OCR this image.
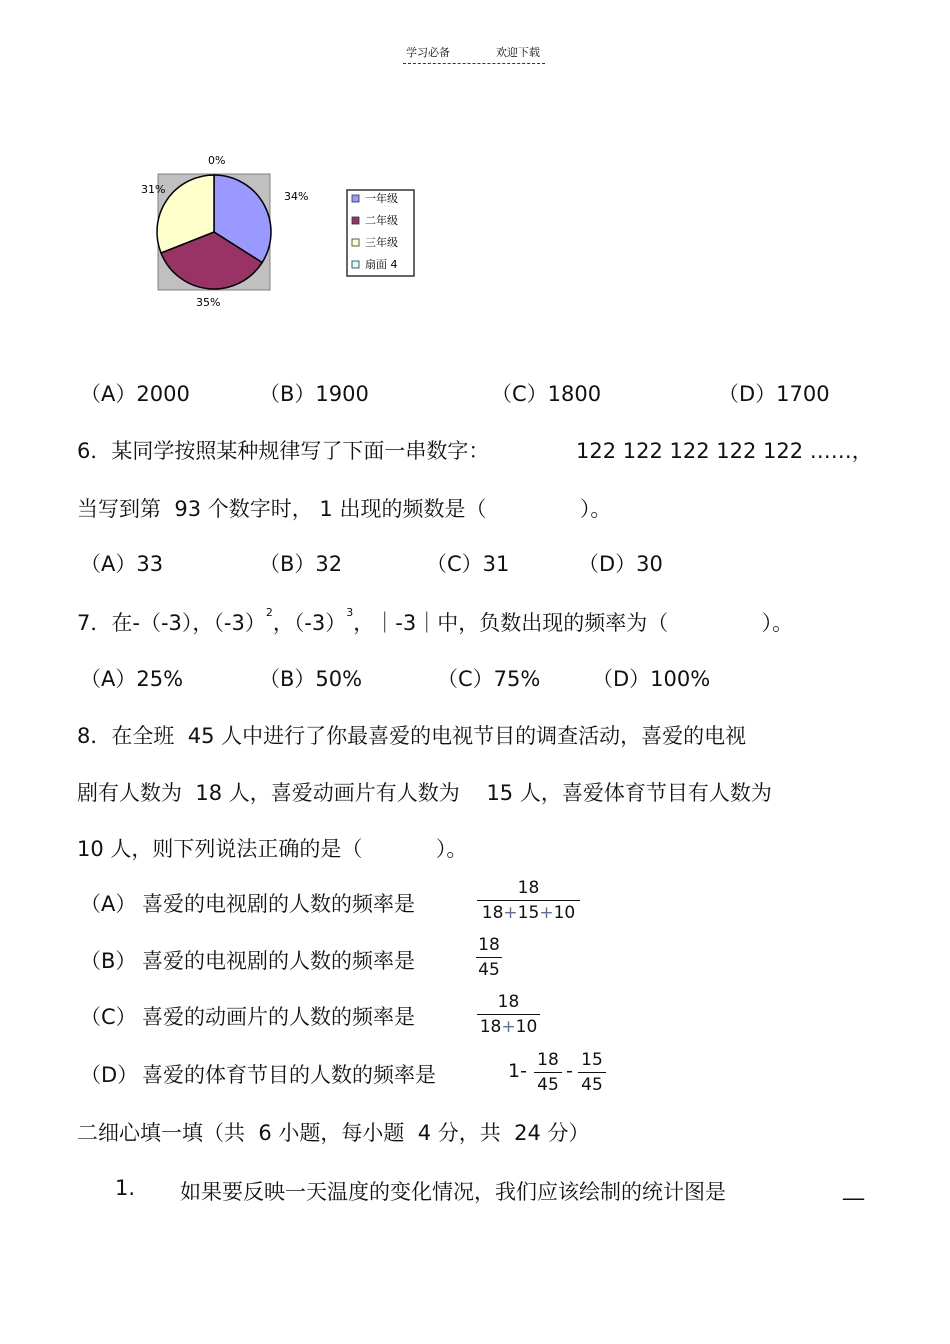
学习必备	欢迎下载
34%
35%
31%
0%
一年级
二年级
三年级
扇面 4
（A）2000	（B）1900	（C）1800	（D）1700
6．某同学按照某种规律写了下面一串数字：	122 122 122 122 122 ……，
当写到第  93 个数字时， 1 出现的频数是（              ）。
（A）33	（B）32	（C）31	（D）30
7．在-（-3），$(-3)^2$，$(-3)^3$，｜-3｜中，负数出现的频率为（              ）。
（A）25%	（B）50%	（C）75% （D）100%
8．在全班  45 人中进行了你最喜爱的电视节目的调查活动，喜爱的电视
剧有人数为  18 人，喜爱动画片有人数为    15 人，喜爱体育节目有人数为
10 人，则下列说法正确的是（           ）。
（A） 喜爱的电视剧的人数的频率是
18
18+15+10
（B） 喜爱的电视剧的人数的频率是
18
45
（C） 喜爱的动画片的人数的频率是
18
18+10
（D） 喜爱的体育节目的人数的频率是	1- 18
45
- 15
45
二细心填一填（共  6 小题，每小题  4 分，共  24 分）
1. 如果要反映一天温度的变化情况，我们应该绘制的统计图是	__
